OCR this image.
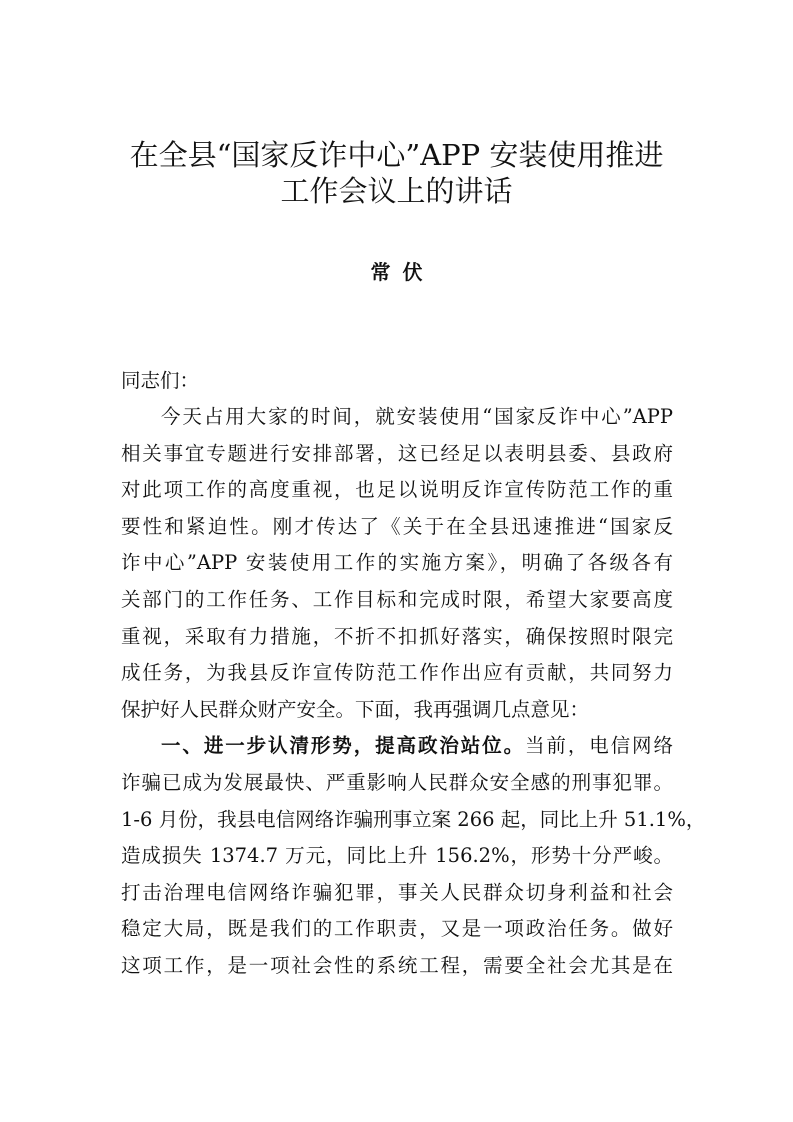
在全县“国家反诈中心”APP 安装使用推进
工作会议上的讲话
常伏
同志们：
今天占用大家的时间，就安装使用“国家反诈中心”APP
相关事宜专题进行安排部署，这已经足以表明县委、县政府
对此项工作的高度重视，也足以说明反诈宣传防范工作的重
要性和紧迫性。刚才传达了《关于在全县迅速推进“国家反
诈中心”APP 安装使用工作的实施方案》，明确了各级各有
关部门的工作任务、工作目标和完成时限，希望大家要高度
重视，采取有力措施，不折不扣抓好落实，确保按照时限完
成任务，为我县反诈宣传防范工作作出应有贡献，共同努力
保护好人民群众财产安全。下面，我再强调几点意见：
一、进一步认清形势，提高政治站位。当前，电信网络
诈骗已成为发展最快、严重影响人民群众安全感的刑事犯罪。
1-6 月份，我县电信网络诈骗刑事立案 266 起，同比上升 51.1%，
造成损失 1374.7 万元，同比上升 156.2%，形势十分严峻。
打击治理电信网络诈骗犯罪，事关人民群众切身利益和社会
稳定大局，既是我们的工作职责，又是一项政治任务。做好
这项工作，是一项社会性的系统工程，需要全社会尤其是在
